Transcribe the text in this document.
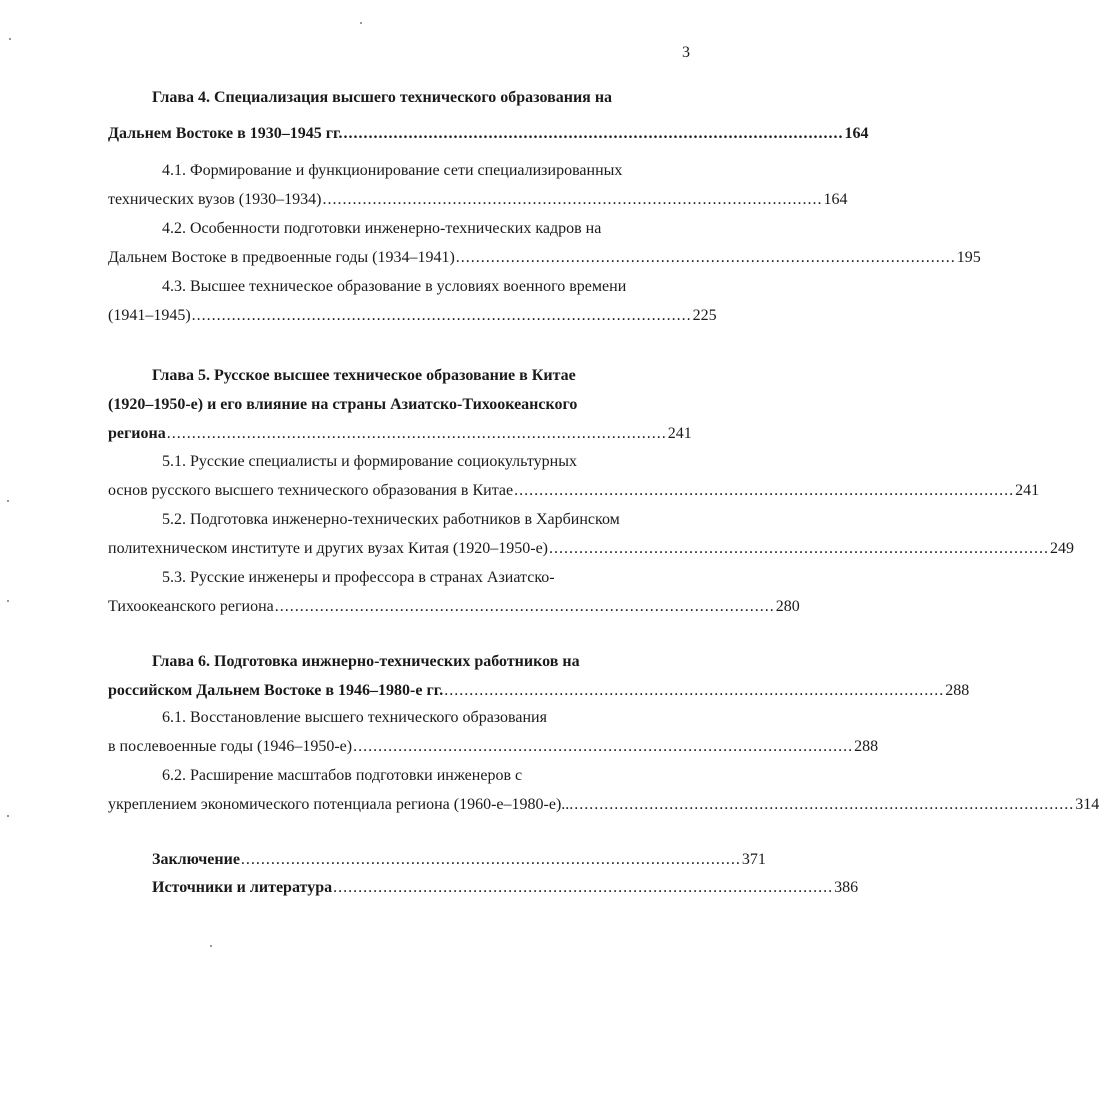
3
Глава 4. Специализация высшего технического образования на
Дальнем Востоке в 1930–1945 гг. .................................................................................................... 164
4.1. Формирование и функционирование сети специализированных
технических вузов (1930–1934) .................................................................................................... 164
4.2. Особенности подготовки инженерно-технических кадров на
Дальнем Востоке в предвоенные годы (1934–1941) .................................................................................................... 195
4.3. Высшее техническое образование в условиях военного времени
(1941–1945) .................................................................................................... 225
Глава 5. Русское высшее техническое образование в Китае
(1920–1950-е) и его влияние на страны Азиатско-Тихоокеанского
региона .................................................................................................... 241
5.1. Русские специалисты и формирование социокультурных
основ русского высшего технического образования в Китае .................................................................................................... 241
5.2. Подготовка инженерно-технических работников в Харбинском
политехническом институте и других вузах Китая (1920–1950-е) .................................................................................................... 249
5.3. Русские инженеры и профессора в странах Азиатско-
Тихоокеанского региона .................................................................................................... 280
Глава 6. Подготовка инжнерно-технических работников на
российском Дальнем Востоке в 1946–1980-е гг. .................................................................................................... 288
6.1. Восстановление высшего технического образования
в послевоенные годы (1946–1950-е) .................................................................................................... 288
6.2. Расширение масштабов подготовки инженеров с
укреплением экономического потенциала региона (1960-е–1980-е)... .................................................................................................... 314
Заключение .................................................................................................... 371
Источники и литература .................................................................................................... 386
